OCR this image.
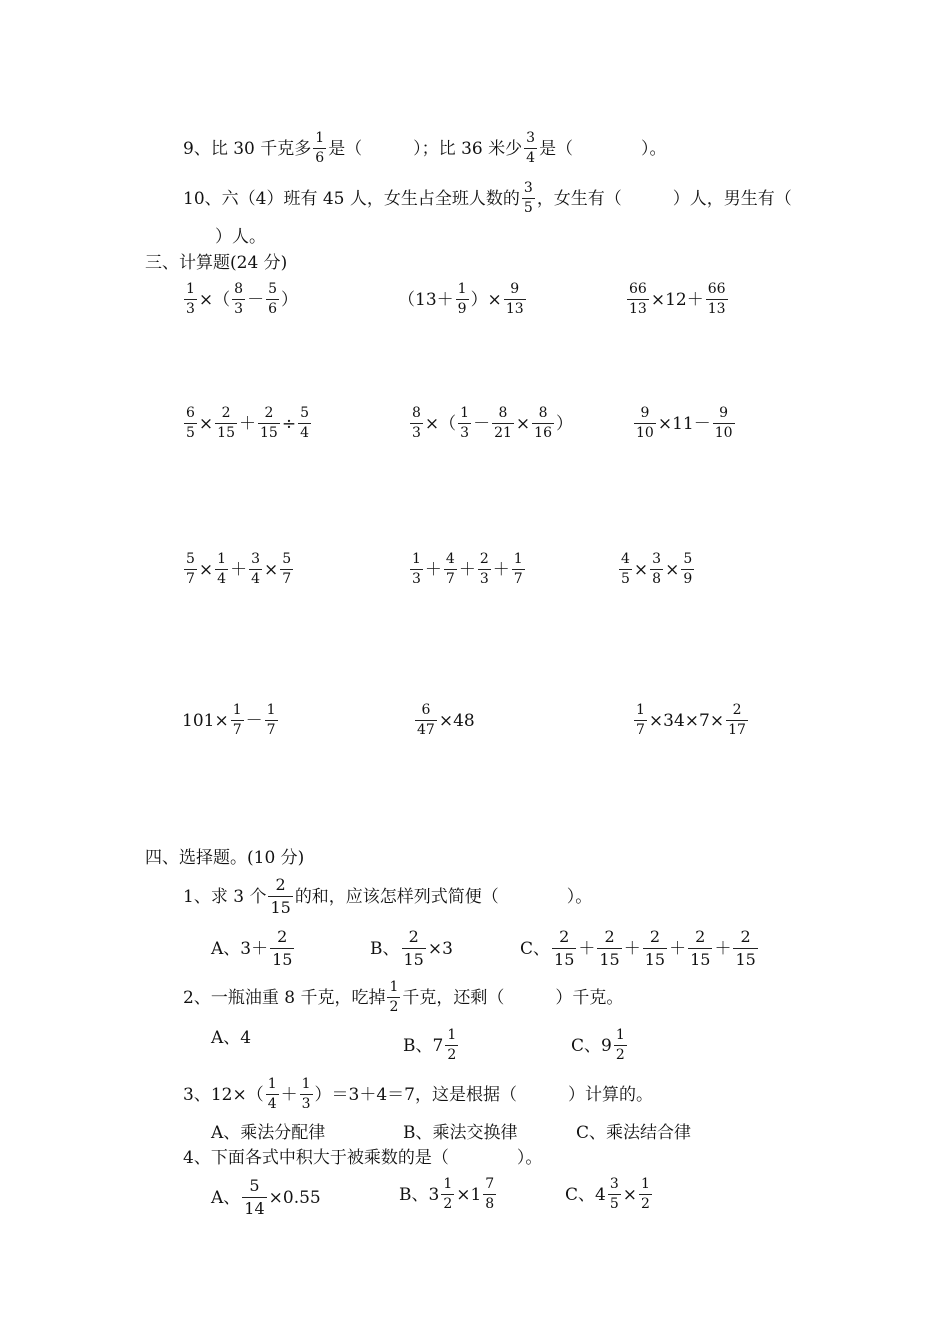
9、比 30 千克多 $\frac{1}{6}$ 是（　　　）；比 36 米少 $\frac{3}{4}$ 是（　　　　）。
10、六（4）班有 45 人，女生占全班人数的 $\frac{3}{5}$ ，女生有（　　　）人，男生有（
）人。
三、计算题(24 分)
$\frac{1}{3}$ ×（ $\frac{8}{3} - \frac{5}{6}$ ）	（$13+ \frac{1}{9}$ ）× $\frac{9}{13}$	$\frac{66}{13} \times 12+ \frac{66}{13}$
$\frac{6}{5} \times \frac{2}{15} + \frac{2}{15} \div \frac{5}{4}$	$\frac{8}{3}$ ×（ $\frac{1}{3} - \frac{8}{21} \times \frac{8}{16}$ ）	$\frac{9}{10} \times 11- \frac{9}{10}$
$\frac{5}{7} \times \frac{1}{4} + \frac{3}{4} \times \frac{5}{7}$	$\frac{1}{3} + \frac{4}{7} + \frac{2}{3} + \frac{1}{7}$	$\frac{4}{5} \times \frac{3}{8} \times \frac{5}{9}$
$101\times \frac{1}{7} - \frac{1}{7}$	$\frac{6}{47} \times 48$	$\frac{1}{7} \times 34\times 7\times \frac{2}{17}$
四、选择题。(10 分)
1、求 3 个 $\frac{2}{15}$ 的和，应该怎样列式简便（　　　　）。
A、$3+ \frac{2}{15}$	B、 $\frac{2}{15} \times 3$	C、 $\frac{2}{15} + \frac{2}{15} + \frac{2}{15} + \frac{2}{15} + \frac{2}{15}$
2、一瓶油重 8 千克，吃掉 $\frac{1}{2}$ 千克，还剩（　　　）千克。
A、4	B、$7 \frac{1}{2}$	C、$9 \frac{1}{2}$
3、$12\times( \frac{1}{4} + \frac{1}{3} )=3+4=7$，这是根据（　　　）计算的。
A、乘法分配律	B、乘法交换律	C、乘法结合律
4、下面各式中积大于被乘数的是（　　　　）。
A、 $\frac{5}{14} \times 0.55$	B、$3 \frac{1}{2} \times 1 \frac{7}{8}$	C、$4 \frac{3}{5} \times \frac{1}{2}$
